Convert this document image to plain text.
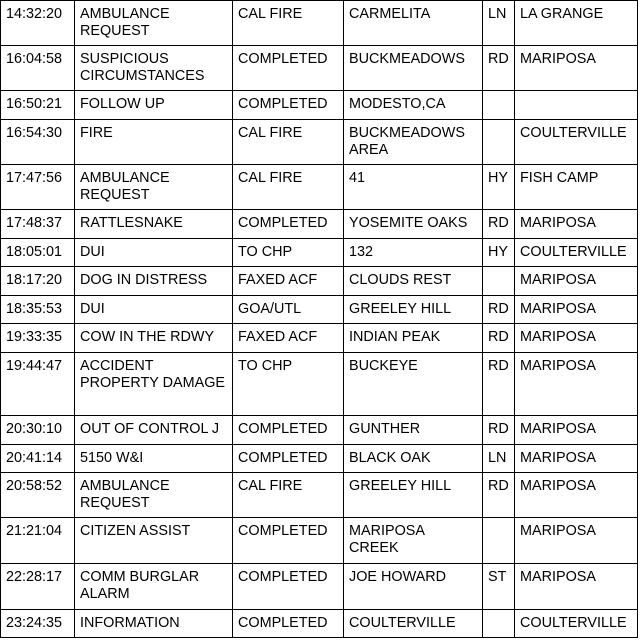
14:32:20	AMBULANCE REQUEST	CAL FIRE	CARMELITA	LN	LA GRANGE
16:04:58	SUSPICIOUS CIRCUMSTANCES	COMPLETED	BUCKMEADOWS	RD	MARIPOSA
16:50:21	FOLLOW UP	COMPLETED	MODESTO,CA		
16:54:30	FIRE	CAL FIRE	BUCKMEADOWS AREA		COULTERVILLE
17:47:56	AMBULANCE REQUEST	CAL FIRE	41	HY	FISH CAMP
17:48:37	RATTLESNAKE	COMPLETED	YOSEMITE OAKS	RD	MARIPOSA
18:05:01	DUI	TO CHP	132	HY	COULTERVILLE
18:17:20	DOG IN DISTRESS	FAXED ACF	CLOUDS REST		MARIPOSA
18:35:53	DUI	GOA/UTL	GREELEY HILL	RD	MARIPOSA
19:33:35	COW IN THE RDWY	FAXED ACF	INDIAN PEAK	RD	MARIPOSA
19:44:47	ACCIDENT PROPERTY DAMAGE	TO CHP	BUCKEYE	RD	MARIPOSA
20:30:10	OUT OF CONTROL J	COMPLETED	GUNTHER	RD	MARIPOSA
20:41:14	5150 W&I	COMPLETED	BLACK OAK	LN	MARIPOSA
20:58:52	AMBULANCE REQUEST	CAL FIRE	GREELEY HILL	RD	MARIPOSA
21:21:04	CITIZEN ASSIST	COMPLETED	MARIPOSA CREEK		MARIPOSA
22:28:17	COMM BURGLAR ALARM	COMPLETED	JOE HOWARD	ST	MARIPOSA
23:24:35	INFORMATION	COMPLETED	COULTERVILLE		COULTERVILLE
